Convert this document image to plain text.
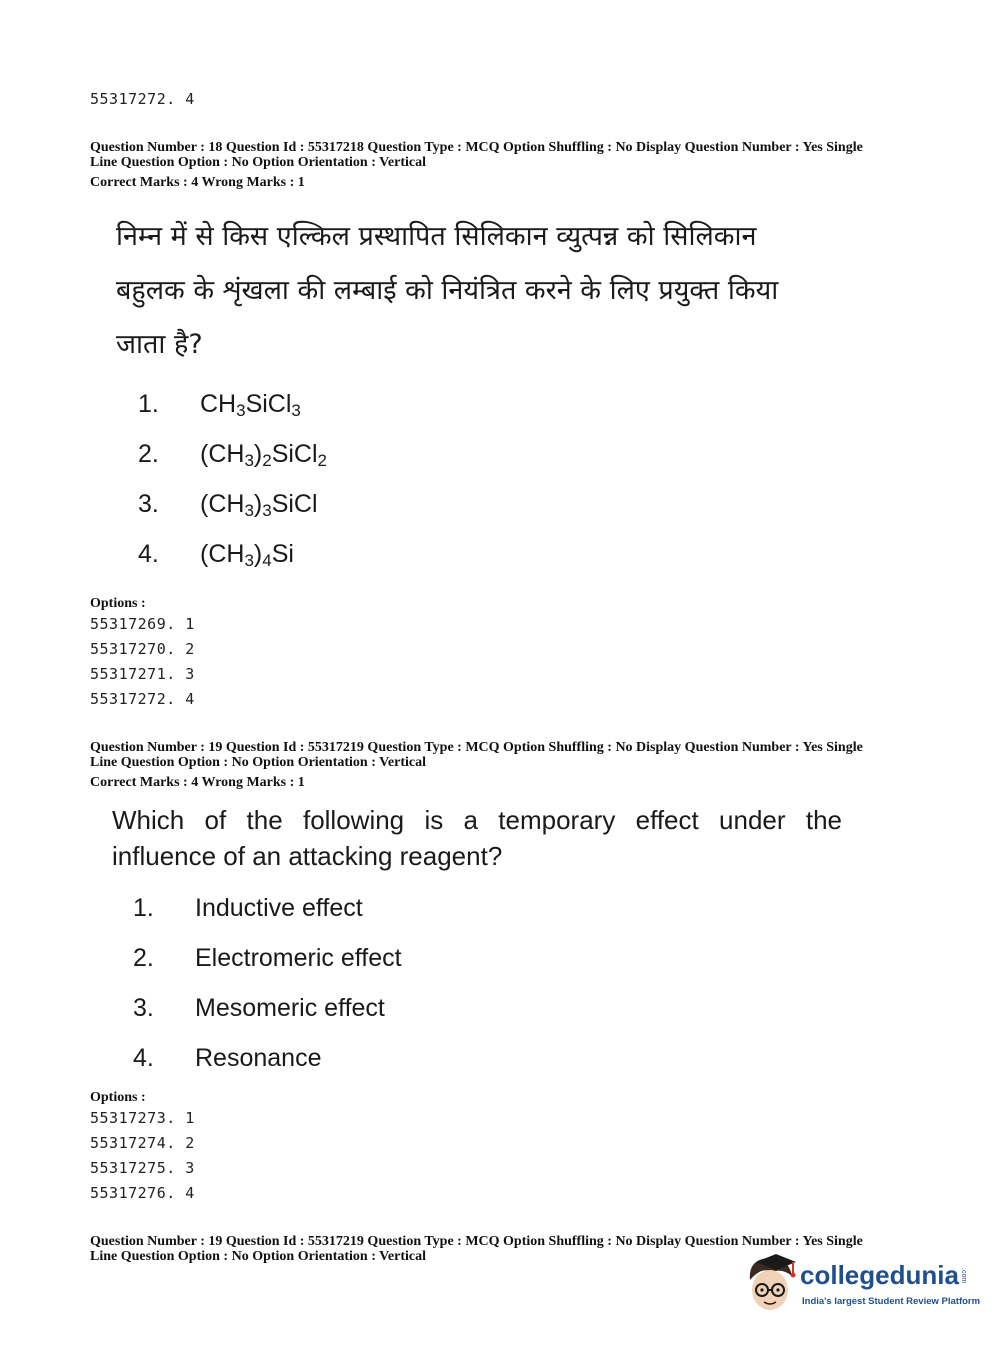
55317272. 4
Question Number : 18 Question Id : 55317218 Question Type : MCQ Option Shuffling : No Display Question Number : Yes Single
Line Question Option : No Option Orientation : Vertical
Correct Marks : 4 Wrong Marks : 1
निम्न में से किस एल्किल प्रस्थापित सिलिकान व्युत्पन्न को सिलिकान
बहुलक के शृंखला की लम्बाई को नियंत्रित करने के लिए प्रयुक्त किया
जाता है?
1. $CH_3SiCl_3$
2. $(CH_3)_2SiCl_2$
3. $(CH_3)_3SiCl$
4. $(CH_3)_4Si$
Options :
55317269. 1
55317270. 2
55317271. 3
55317272. 4
Question Number : 19 Question Id : 55317219 Question Type : MCQ Option Shuffling : No Display Question Number : Yes Single
Line Question Option : No Option Orientation : Vertical
Correct Marks : 4 Wrong Marks : 1
Which of the following is a temporary effect under the
influence of an attacking reagent?
1. Inductive effect
2. Electromeric effect
3. Mesomeric effect
4. Resonance
Options :
55317273. 1
55317274. 2
55317275. 3
55317276. 4
Question Number : 19 Question Id : 55317219 Question Type : MCQ Option Shuffling : No Display Question Number : Yes Single
Line Question Option : No Option Orientation : Vertical
collegedunia .com
India's largest Student Review Platform
